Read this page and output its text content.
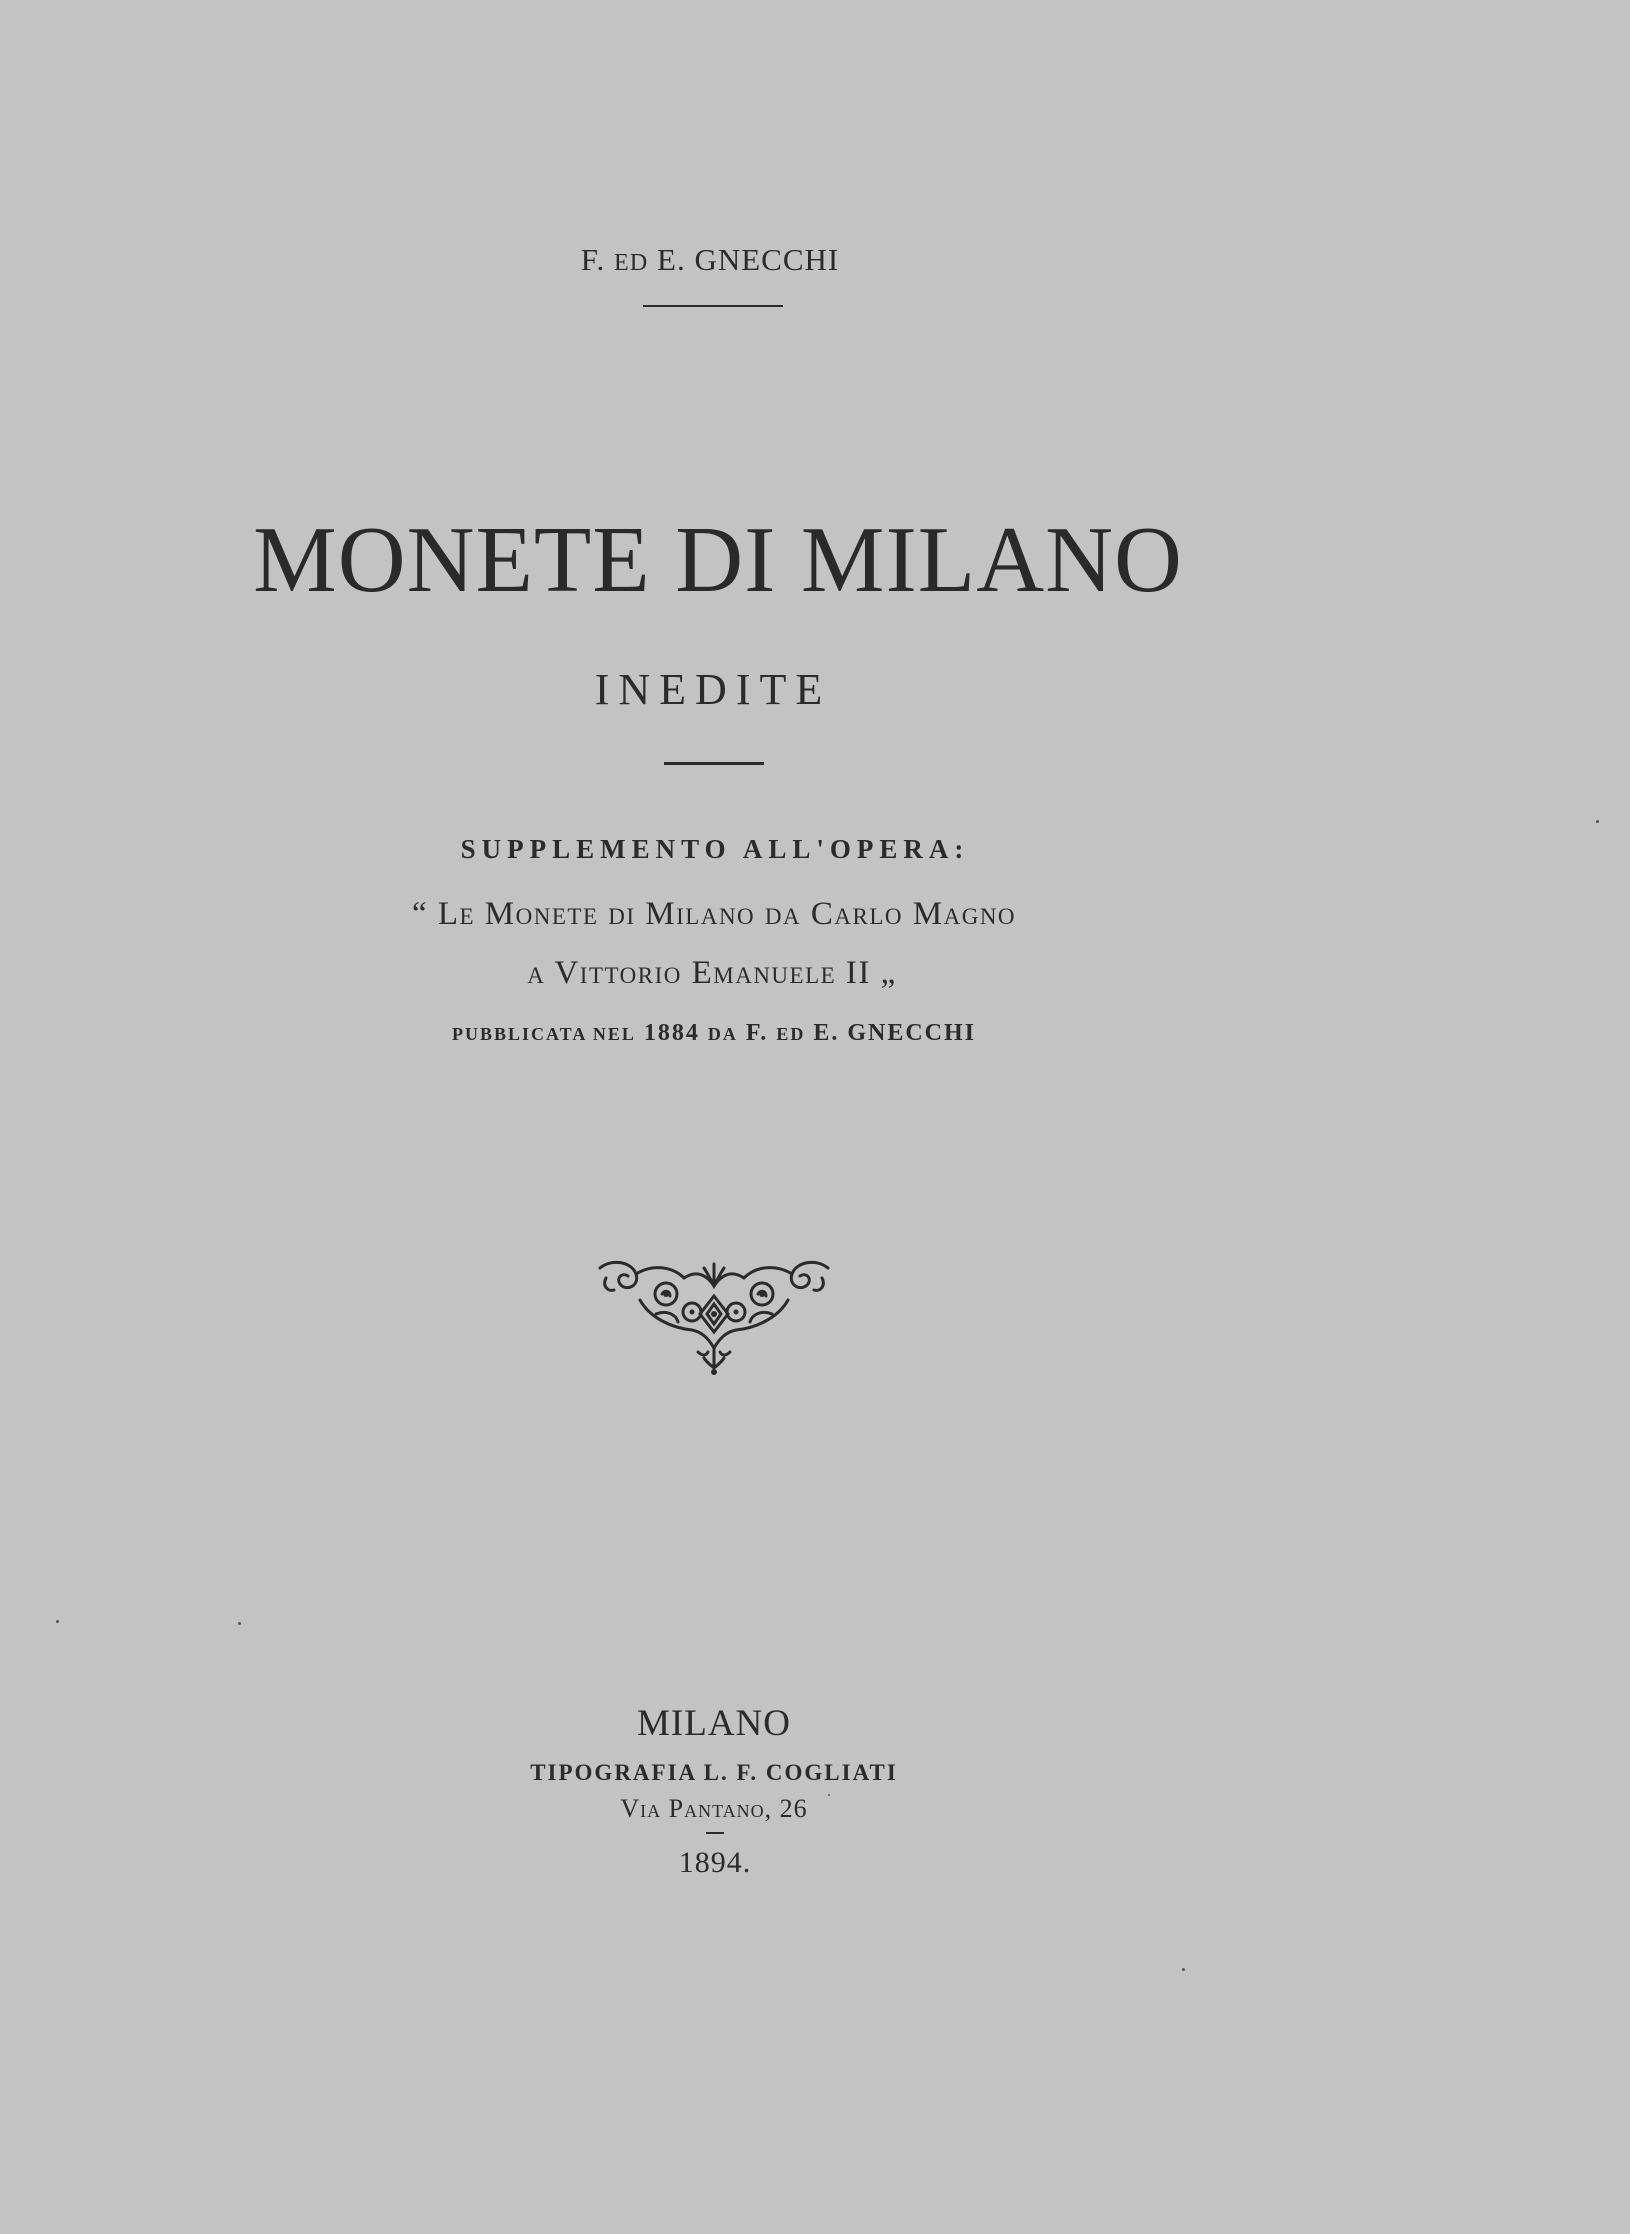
F. ED E. GNECCHI
MONETE DI MILANO
INEDITE
SUPPLEMENTO ALL'OPERA:
“ Le Monete di Milano da Carlo Magno
a Vittorio Emanuele II „
PUBBLICATA NEL 1884 DA F. ED E. GNECCHI
MILANO
TIPOGRAFIA L. F. COGLIATI
Via Pantano, 26
1894.
